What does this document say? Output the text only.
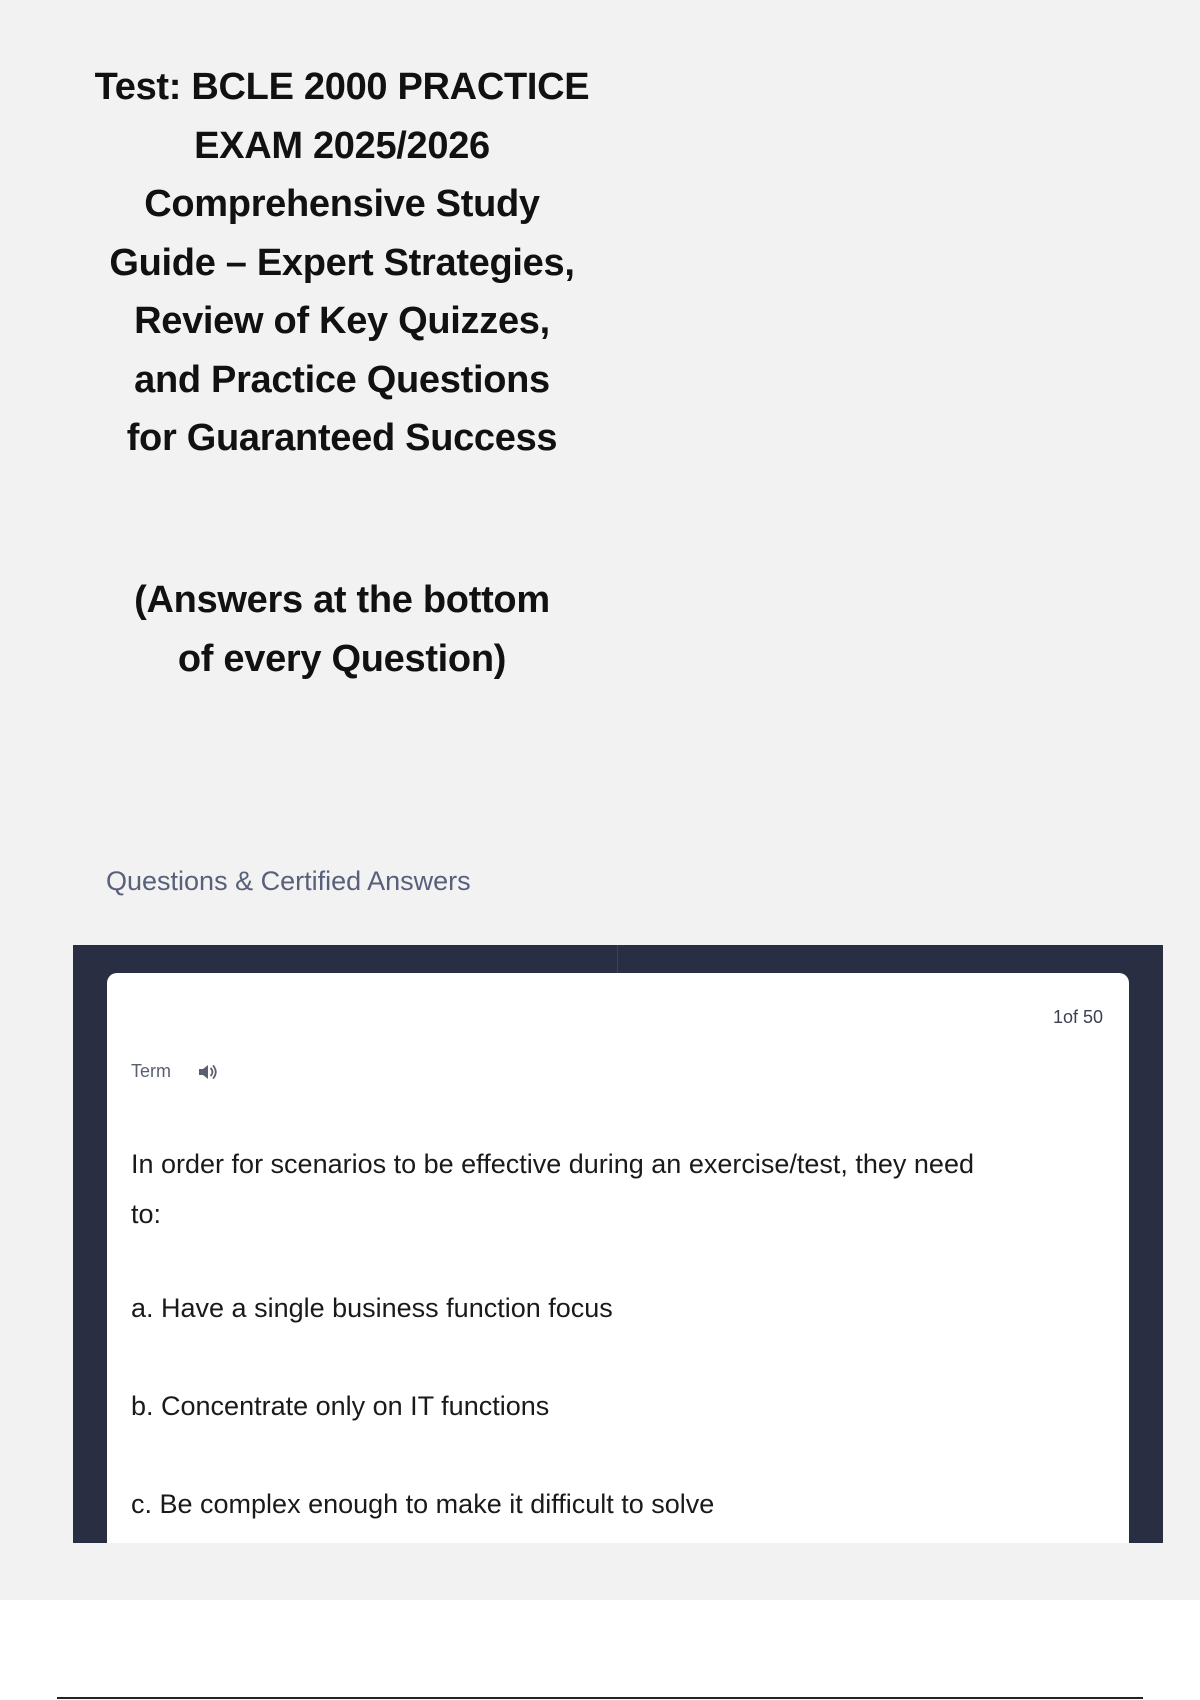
Test: BCLE 2000 PRACTICE
EXAM 2025/2026
Comprehensive Study
Guide – Expert Strategies,
Review of Key Quizzes,
and Practice Questions
for Guaranteed Success
(Answers at the bottom
of every Question)
Questions & Certified Answers
1of 50
Term
In order for scenarios to be effective during an exercise/test, they need to:
a. Have a single business function focus
b. Concentrate only on IT functions
c. Be complex enough to make it difficult to solve
